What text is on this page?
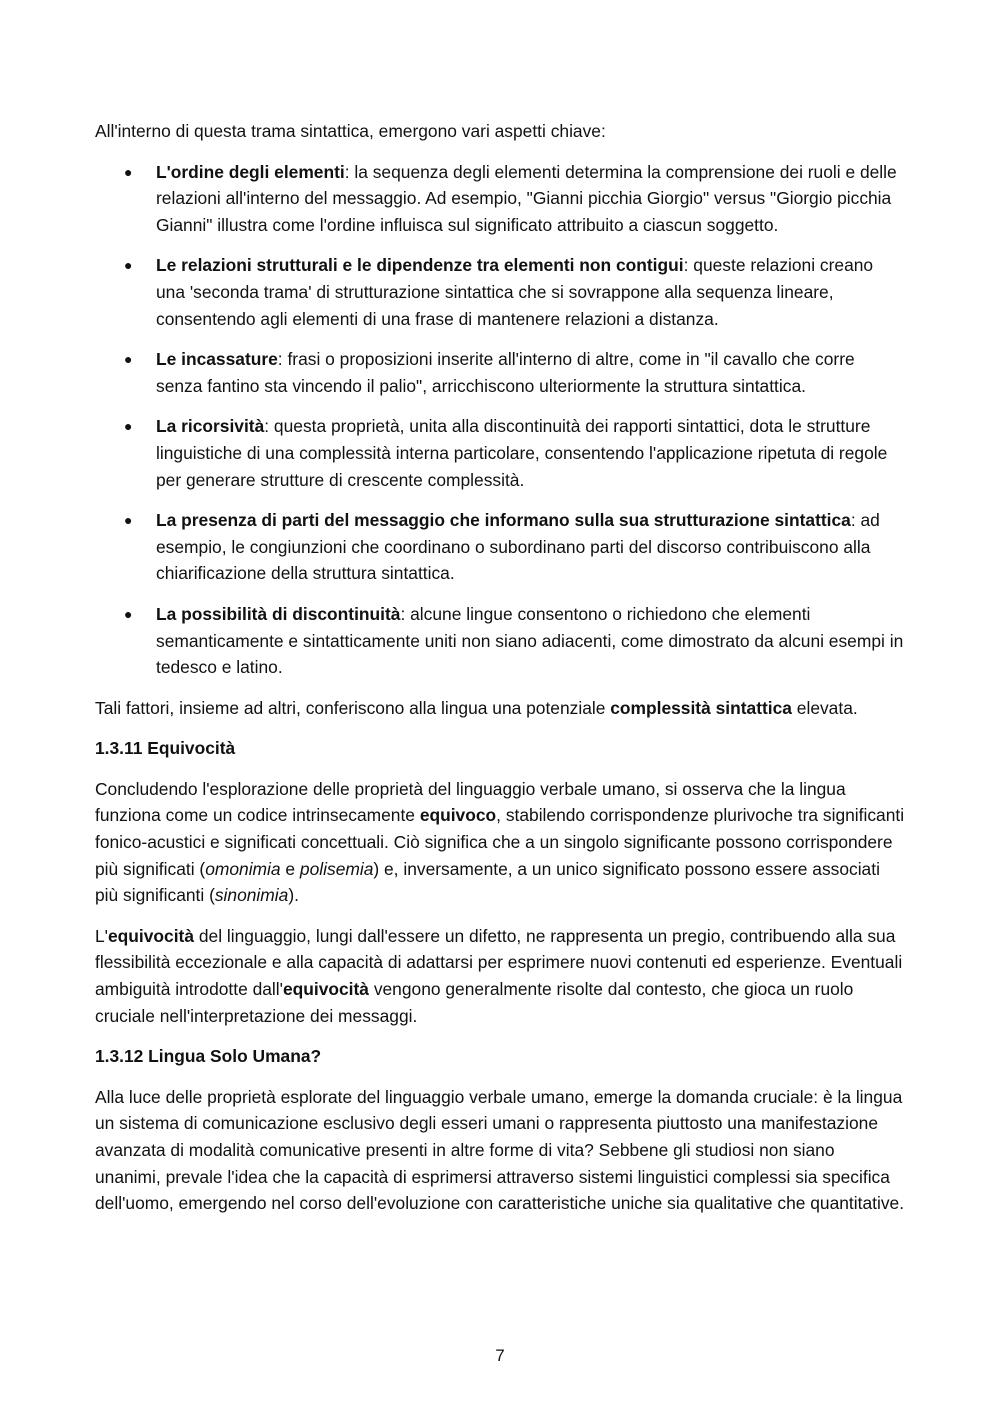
All'interno di questa trama sintattica, emergono vari aspetti chiave:

● L'ordine degli elementi: la sequenza degli elementi determina la comprensione dei ruoli e delle relazioni all'interno del messaggio. Ad esempio, "Gianni picchia Giorgio" versus "Giorgio picchia Gianni" illustra come l'ordine influisca sul significato attribuito a ciascun soggetto.
● Le relazioni strutturali e le dipendenze tra elementi non contigui: queste relazioni creano una 'seconda trama' di strutturazione sintattica che si sovrappone alla sequenza lineare, consentendo agli elementi di una frase di mantenere relazioni a distanza.
● Le incassature: frasi o proposizioni inserite all'interno di altre, come in "il cavallo che corre senza fantino sta vincendo il palio", arricchiscono ulteriormente la struttura sintattica.
● La ricorsività: questa proprietà, unita alla discontinuità dei rapporti sintattici, dota le strutture linguistiche di una complessità interna particolare, consentendo l'applicazione ripetuta di regole per generare strutture di crescente complessità.
● La presenza di parti del messaggio che informano sulla sua strutturazione sintattica: ad esempio, le congiunzioni che coordinano o subordinano parti del discorso contribuiscono alla chiarificazione della struttura sintattica.
● La possibilità di discontinuità: alcune lingue consentono o richiedono che elementi semanticamente e sintatticamente uniti non siano adiacenti, come dimostrato da alcuni esempi in tedesco e latino.

Tali fattori, insieme ad altri, conferiscono alla lingua una potenziale complessità sintattica elevata.

1.3.11 Equivocità

Concludendo l'esplorazione delle proprietà del linguaggio verbale umano, si osserva che la lingua funziona come un codice intrinsecamente equivoco, stabilendo corrispondenze plurivoche tra significanti fonico-acustici e significati concettuali. Ciò significa che a un singolo significante possono corrispondere più significati (omonimia e polisemia) e, inversamente, a un unico significato possono essere associati più significanti (sinonimia).

L'equivocità del linguaggio, lungi dall'essere un difetto, ne rappresenta un pregio, contribuendo alla sua flessibilità eccezionale e alla capacità di adattarsi per esprimere nuovi contenuti ed esperienze. Eventuali ambiguità introdotte dall'equivocità vengono generalmente risolte dal contesto, che gioca un ruolo cruciale nell'interpretazione dei messaggi.

1.3.12 Lingua Solo Umana?

Alla luce delle proprietà esplorate del linguaggio verbale umano, emerge la domanda cruciale: è la lingua un sistema di comunicazione esclusivo degli esseri umani o rappresenta piuttosto una manifestazione avanzata di modalità comunicative presenti in altre forme di vita? Sebbene gli studiosi non siano unanimi, prevale l'idea che la capacità di esprimersi attraverso sistemi linguistici complessi sia specifica dell'uomo, emergendo nel corso dell'evoluzione con caratteristiche uniche sia qualitative che quantitative.

7
